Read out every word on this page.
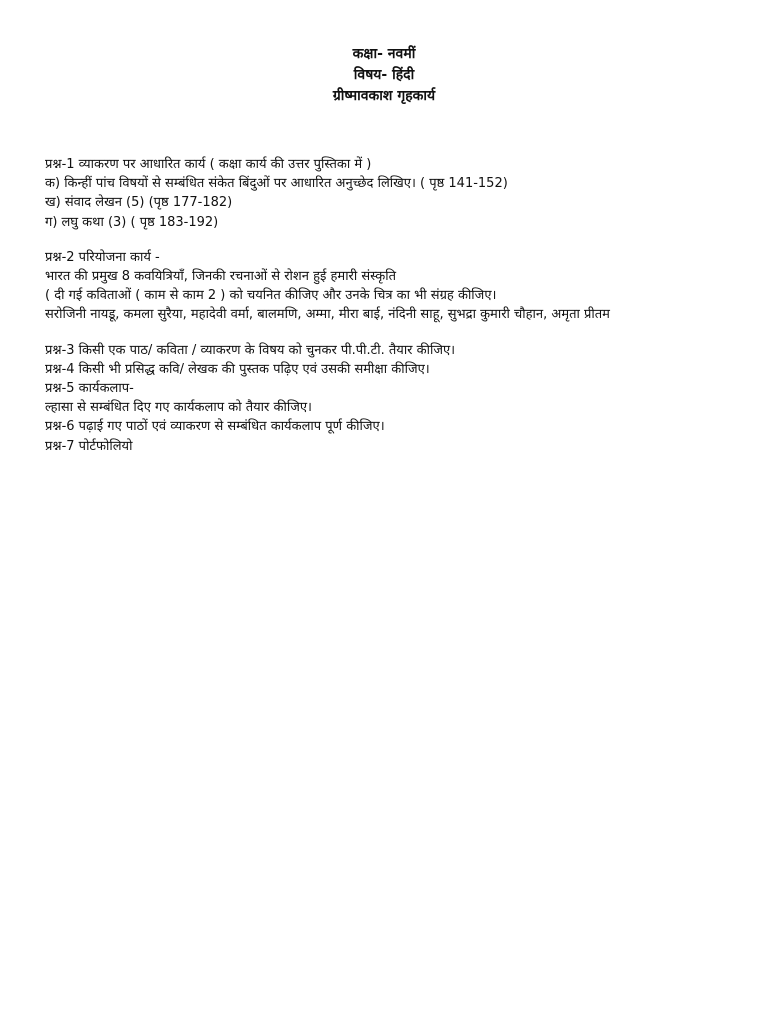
कक्षा- नवमीं
विषय- हिंदी
ग्रीष्मावकाश गृहकार्य
प्रश्न-1 व्याकरण पर आधारित कार्य ( कक्षा कार्य की उत्तर पुस्तिका में )
क) किन्हीं पांच विषयों से सम्बंधित संकेत बिंदुओं पर आधारित अनुच्छेद लिखिए। ( पृष्ठ 141-152)
ख) संवाद लेखन (5) (पृष्ठ 177-182)
ग) लघु कथा (3) ( पृष्ठ 183-192)
प्रश्न-2 परियोजना कार्य -
भारत की प्रमुख 8 कवयित्रियाँ, जिनकी रचनाओं से रोशन हुई हमारी संस्कृति
( दी गई कविताओं ( काम से काम 2 ) को चयनित कीजिए और उनके चित्र का भी संग्रह कीजिए।
सरोजिनी नायडू, कमला सुरैया, महादेवी वर्मा, बालमणि, अम्मा, मीरा बाई, नंदिनी साहू, सुभद्रा कुमारी चौहान, अमृता प्रीतम
प्रश्न-3 किसी एक पाठ/ कविता / व्याकरण के विषय को चुनकर पी.पी.टी. तैयार कीजिए।
प्रश्न-4 किसी भी प्रसिद्ध कवि/ लेखक की पुस्तक पढ़िए एवं उसकी समीक्षा कीजिए।
प्रश्न-5 कार्यकलाप-
ल्हासा से सम्बंधित दिए गए कार्यकलाप को तैयार कीजिए।
प्रश्न-6 पढ़ाई गए पाठों एवं व्याकरण से सम्बंधित कार्यकलाप पूर्ण कीजिए।
प्रश्न-7 पोर्टफोलियो
